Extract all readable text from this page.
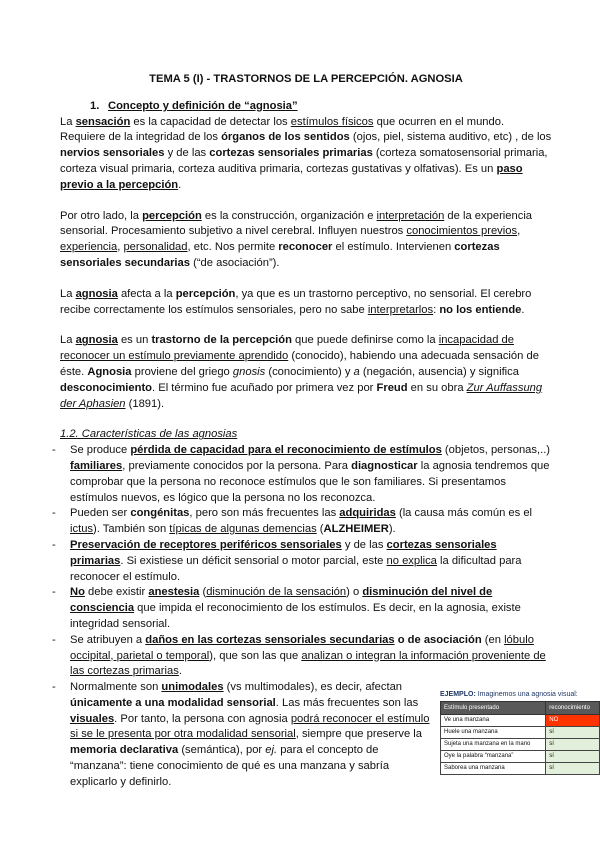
TEMA 5 (I) - TRASTORNOS DE LA PERCEPCIÓN. AGNOSIA
1. Concepto y definición de “agnosia”

La sensación es la capacidad de detectar los estímulos físicos que ocurren en el mundo. Requiere de la integridad de los órganos de los sentidos (ojos, piel, sistema auditivo, etc) , de los nervios sensoriales y de las cortezas sensoriales primarias (corteza somatosensorial primaria, corteza visual primaria, corteza auditiva primaria, cortezas gustativas y olfativas). Es un paso previo a la percepción.

Por otro lado, la percepción es la construcción, organización e interpretación de la experiencia sensorial. Procesamiento subjetivo a nivel cerebral. Influyen nuestros conocimientos previos, experiencia, personalidad, etc. Nos permite reconocer el estímulo. Intervienen cortezas sensoriales secundarias (“de asociación”).

La agnosia afecta a la percepción, ya que es un trastorno perceptivo, no sensorial. El cerebro recibe correctamente los estímulos sensoriales, pero no sabe interpretarlos: no los entiende.

La agnosia es un trastorno de la percepción que puede definirse como la incapacidad de reconocer un estímulo previamente aprendido (conocido), habiendo una adecuada sensación de éste. Agnosia proviene del griego gnosis (conocimiento) y a (negación, ausencia) y significa desconocimiento. El término fue acuñado por primera vez por Freud en su obra Zur Auffassung der Aphasien (1891).

1.2. Características de las agnosias
- Se produce pérdida de capacidad para el reconocimiento de estímulos (objetos, personas,..) familiares, previamente conocidos por la persona. Para diagnosticar la agnosia tendremos que comprobar que la persona no reconoce estímulos que le son familiares. Si presentamos estímulos nuevos, es lógico que la persona no los reconozca.
- Pueden ser congénitas, pero son más frecuentes las adquiridas (la causa más común es el ictus). También son típicas de algunas demencias (ALZHEIMER).
- Preservación de receptores periféricos sensoriales y de las cortezas sensoriales primarias. Si existiese un déficit sensorial o motor parcial, este no explica la dificultad para reconocer el estímulo.
- No debe existir anestesia (disminución de la sensación) o disminución del nivel de consciencia que impida el reconocimiento de los estímulos. Es decir, en la agnosia, existe integridad sensorial.
- Se atribuyen a daños en las cortezas sensoriales secundarias o de asociación (en lóbulo occipital, parietal o temporal), que son las que analizan o integran la información proveniente de las cortezas primarias.
- EJEMPLO: Imaginemos una agnosia visual:
Estímulo presentado	reconocimiento
Ve una manzana	NO
Huele una manzana	sí
Sujeta una manzana en la mano	sí
Oye la palabra “manzana”	sí
Saborea una manzana	sí
Normalmente son unimodales (vs multimodales), es decir, afectan únicamente a una modalidad sensorial. Las más frecuentes son las visuales. Por tanto, la persona con agnosia podrá reconocer el estímulo si se le presenta por otra modalidad sensorial, siempre que preserve la memoria declarativa (semántica), por ej. para el concepto de “manzana”: tiene conocimiento de qué es una manzana y sabría explicarlo y definirlo.
